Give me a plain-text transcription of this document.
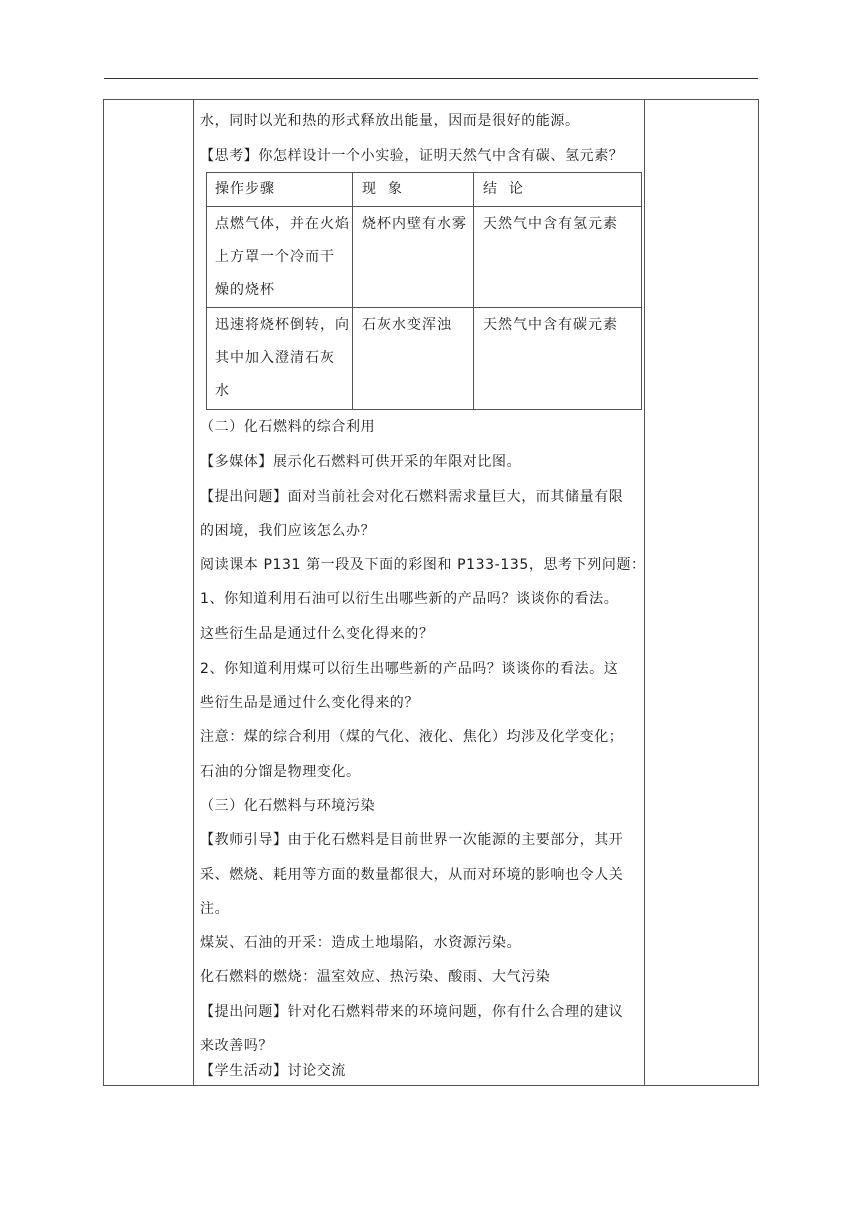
水，同时以光和热的形式释放出能量，因而是很好的能源。
【思考】你怎样设计一个小实验，证明天然气中含有碳、氢元素？
操作步骤	现  象	结  论
点燃气体，并在火焰
上方罩一个冷而干
燥的烧杯
烧杯内壁有水雾 天然气中含有氢元素
迅速将烧杯倒转，向
其中加入澄清石灰
水
石灰水变浑浊 天然气中含有碳元素
（二）化石燃料的综合利用
【多媒体】展示化石燃料可供开采的年限对比图。
【提出问题】面对当前社会对化石燃料需求量巨大，而其储量有限
的困境，我们应该怎么办？
阅读课本 P131 第一段及下面的彩图和 P133-135，思考下列问题：
1、你知道利用石油可以衍生出哪些新的产品吗？谈谈你的看法。
这些衍生品是通过什么变化得来的？
2、你知道利用煤可以衍生出哪些新的产品吗？谈谈你的看法。这
些衍生品是通过什么变化得来的？
注意：煤的综合利用（煤的气化、液化、焦化）均涉及化学变化；
石油的分馏是物理变化。
（三）化石燃料与环境污染
【教师引导】由于化石燃料是目前世界一次能源的主要部分，其开
采、燃烧、耗用等方面的数量都很大，从而对环境的影响也令人关
注。
煤炭、石油的开采：造成土地塌陷，水资源污染。
化石燃料的燃烧：温室效应、热污染、酸雨、大气污染
【提出问题】针对化石燃料带来的环境问题，你有什么合理的建议
来改善吗？
【学生活动】讨论交流
